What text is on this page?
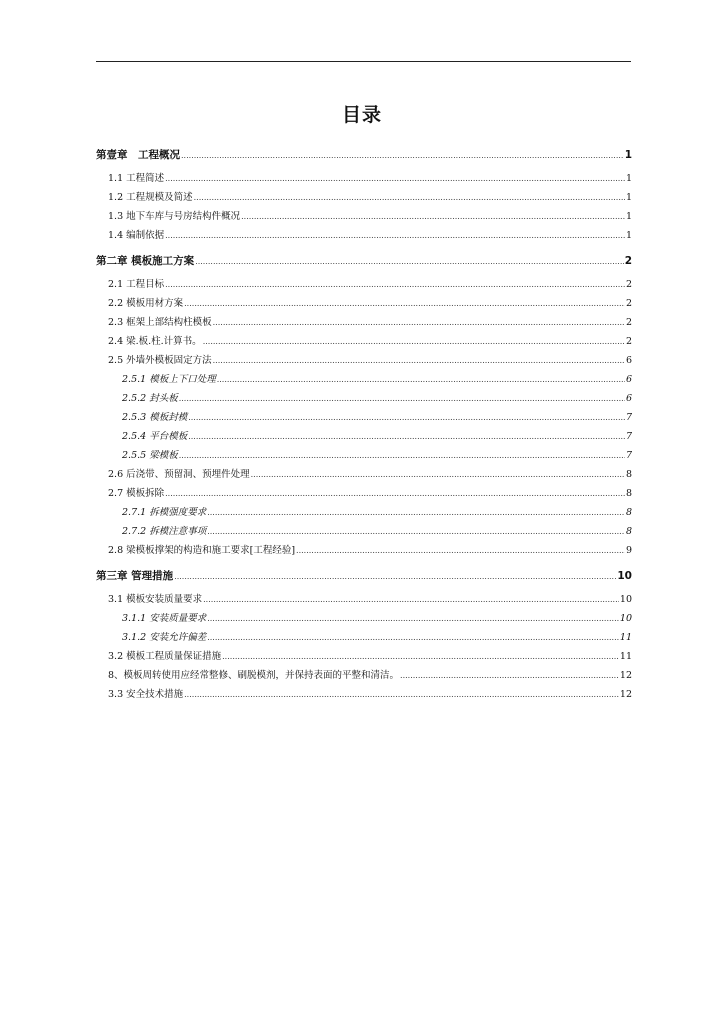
目录
第壹章　工程概况 .....	1
1.1 工程简述 .....	1
1.2 工程规模及简述 .....	1
1.3 地下车库与号房结构件概况 .....	1
1.4 编制依据 .....	1
第二章 模板施工方案 .....	2
2.1 工程目标 .....	2
2.2 模板用材方案 .....	2
2.3 框架上部结构柱模板 .....	2
2.4 梁.板.柱.计算书。 .....	2
2.5 外墙外模板固定方法 .....	6
2.5.1 模板上下口处理 .....	6
2.5.2 封头板 .....	6
2.5.3 模板封模 .....	7
2.5.4 平台模板 .....	7
2.5.5 梁模板 .....	7
2.6 后浇带、预留洞、预埋件处理 .....	8
2.7 模板拆除 .....	8
2.7.1 拆模强度要求 .....	8
2.7.2 拆模注意事项 .....	8
2.8 梁模板撑架的构造和施工要求[工程经验] .....	9
第三章 管理措施 .....	10
3.1 模板安装质量要求 .....	10
3.1.1 安装质量要求 .....	10
3.1.2 安装允许偏差 .....	11
3.2 模板工程质量保证措施 .....	11
8、模板周转使用应经常整修、刷脱模剂，并保持表面的平整和清洁。 .....	12
3.3 安全技术措施 .....	12
